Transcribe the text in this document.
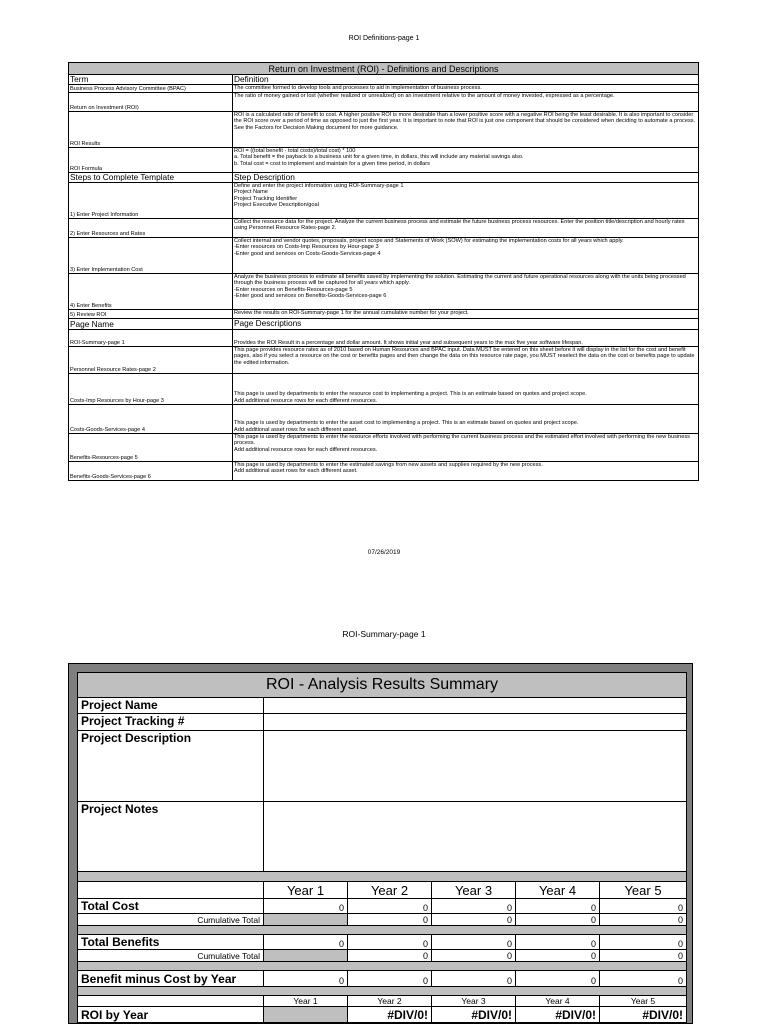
ROI Definitions-page 1
Return on Investment (ROI) - Definitions and Descriptions	
Term	Definition
Business Process Advisory Committee (BPAC)	The committee formed to develop tools and processes to aid in implementation of business process.
Return on Investment (ROI)	The ratio of money gained or lost (whether realized or unrealized) on an investment relative to the amount of money invested, expressed as a percentage.
ROI Results	ROI is a calculated ratio of benefit to cost. A higher positive ROI is more desirable than a lower positive score with a negative ROI being the least desirable. It is also important to consider the ROI score over a period of time as opposed to just the first year. It is important to note that ROI is just one component that should be considered when deciding to automate a process. See the Factors for Decision Making document for more guidance.
ROI Formula	ROI = ((total benefit - total costs)/total cost) * 100
a. Total benefit = the payback to a business unit for a given time, in dollars, this will include any material savings also.
b. Total cost = cost to implement and maintain for a given time period, in dollars

Steps to Complete Template	Step Description
1) Enter Project Information	Define and enter the project information using ROI-Summary-page 1
Project Name
Project Tracking Identifier
Project Executive Description/goal

2) Enter Resources and Rates	Collect the resource data for the project. Analyze the current business process and estimate the future business process resources. Enter the position title/description and hourly rates using Personnel Resource Rates-page 2.

3) Enter Implementation Cost	Collect internal and vendor quotes, proposals, project scope and Statements of Work (SOW) for estimating the implementation costs for all years which apply.
-Enter resources on Costs-Imp Resources by Hour-page 3
-Enter good and services on Costs-Goods-Services-page 4

4) Enter Benefits	Analyze the business process to estimate all benefits saved by implementing the solution. Estimating the current and future operational resources along with the units being processed through the business process will be captured for all years which apply.
-Enter resources on Benefits-Resources-page 5
-Enter good and services on Benefits-Goods-Services-page 6

5) Review ROI	Review the results on ROI-Summary-page 1 for the annual cumulative number for your project.

Page Name	Page Descriptions
ROI-Summary-page 1	Provides the ROI Result in a percentage and dollar amount. It shows initial year and subsequent years to the max five year software lifespan.

Personnel Resource Rates-page 2	This page provides resource rates as of 2010 based on Human Resources and BPAC input. Data MUST be entered on this sheet before it will display in the list for the cost and benefit pages, also if you select a resource on the cost or benefits pages and then change the data on this resource rate page, you MUST reselect the data on the cost or benefits page to update the edited information.

Costs-Imp Resources by Hour-page 3	This page is used by departments to enter the resource cost to implementing a project. This is an estimate based on quotes and project scope.
Add additional resource rows for each different resources.

Costs-Goods-Services-page 4	This page is used by departments to enter the asset cost to implementing a project. This is an estimate based on quotes and project scope.
Add additional asset rows for each different asset.

Benefits-Resources-page 5	This page is used by departments to enter the resource efforts involved with performing the current business process and the estimated effort involved with performing the new business process.
Add additional resource rows for each different resources.

Benefits-Goods-Services-page 6	This page is used by departments to enter the estimated savings from new assets and supplies required by the new process.
Add additional asset rows for each different asset.
07/26/2019
ROI-Summary-page 1
ROI - Analysis Results Summary					
Project Name					
Project Tracking #					
Project Description					
Project Notes					

	Year 1	Year 2	Year 3	Year 4	Year 5
Total Cost	0	0	0	0	0
Cumulative Total		0	0	0	0

Total Benefits	0	0	0	0	0
Cumulative Total		0	0	0	0

Benefit minus Cost by Year	0	0	0	0	0

	Year 1	Year 2	Year 3	Year 4	Year 5
ROI by Year		#DIV/0!	#DIV/0!	#DIV/0!	#DIV/0!
